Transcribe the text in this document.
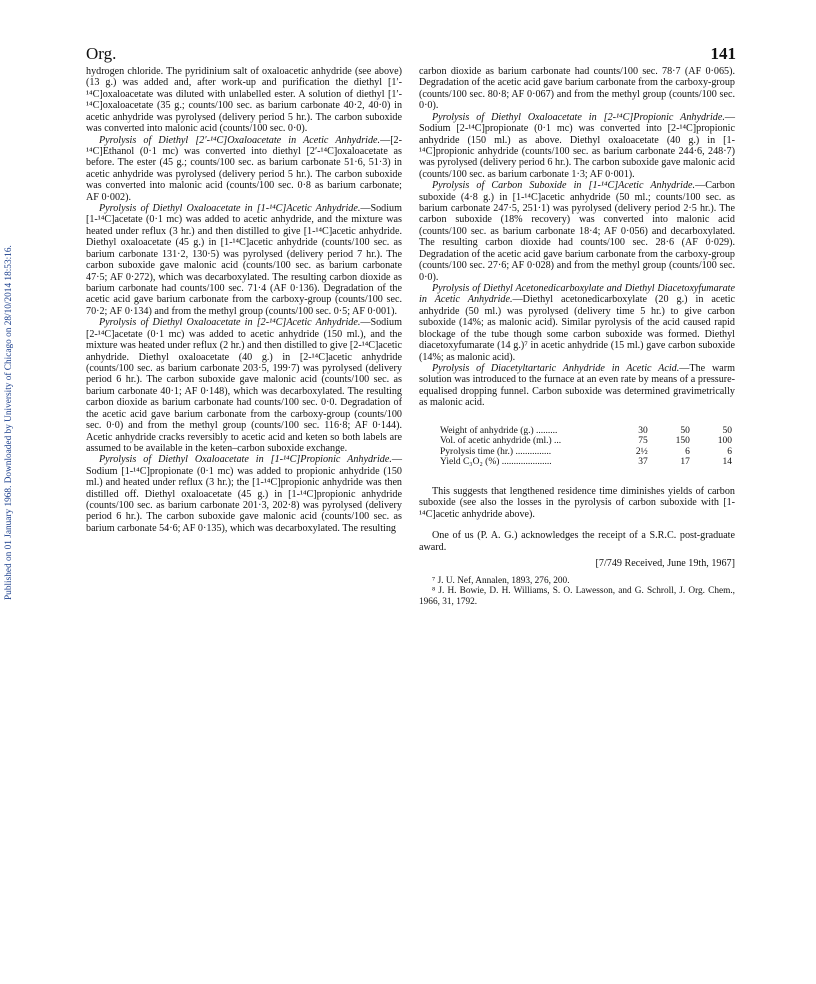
Org.	141
Published on 01 January 1968. Downloaded by University of Chicago on 28/10/2014 18:53:16.

hydrogen chloride. The pyridinium salt of oxaloacetic anhydride (see above) (13 g.) was added and, after work-up and purification the diethyl [1′-¹⁴C]oxaloacetate was diluted with unlabelled ester. A solution of diethyl [1′-¹⁴C]oxaloacetate (35 g.; counts/100 sec. as barium carbonate 40·2, 40·0) in acetic anhydride was pyrolysed (delivery period 5 hr.). The carbon suboxide was converted into malonic acid (counts/100 sec. 0·0).

Pyrolysis of Diethyl [2′-¹⁴C]Oxaloacetate in Acetic Anhydride.—[2-¹⁴C]Ethanol (0·1 mc) was converted into diethyl [2′-¹⁴C]oxaloacetate as before. The ester (45 g.; counts/100 sec. as barium carbonate 51·6, 51·3) in acetic anhydride was pyrolysed (delivery period 5 hr.). The carbon suboxide was converted into malonic acid (counts/100 sec. 0·8 as barium carbonate; AF 0·002).

Pyrolysis of Diethyl Oxaloacetate in [1-¹⁴C]Acetic Anhydride.—Sodium [1-¹⁴C]acetate (0·1 mc) was added to acetic anhydride, and the mixture was heated under reflux (3 hr.) and then distilled to give [1-¹⁴C]acetic anhydride. Diethyl oxaloacetate (45 g.) in [1-¹⁴C]acetic anhydride (counts/100 sec. as barium carbonate 131·2, 130·5) was pyrolysed (delivery period 7 hr.). The carbon suboxide gave malonic acid (counts/100 sec. as barium carbonate 47·5; AF 0·272), which was decarboxylated. The resulting carbon dioxide as barium carbonate had counts/100 sec. 71·4 (AF 0·136). Degradation of the acetic acid gave barium carbonate from the carboxy-group (counts/100 sec. 70·2; AF 0·134) and from the methyl group (counts/100 sec. 0·5; AF 0·001).

Pyrolysis of Diethyl Oxaloacetate in [2-¹⁴C]Acetic Anhydride.—Sodium [2-¹⁴C]acetate (0·1 mc) was added to acetic anhydride (150 ml.), and the mixture was heated under reflux (2 hr.) and then distilled to give [2-¹⁴C]acetic anhydride. Diethyl oxaloacetate (40 g.) in [2-¹⁴C]acetic anhydride (counts/100 sec. as barium carbonate 203·5, 199·7) was pyrolysed (delivery period 6 hr.). The carbon suboxide gave malonic acid (counts/100 sec. as barium carbonate 40·1; AF 0·148), which was decarboxylated. The resulting carbon dioxide as barium carbonate had counts/100 sec. 0·0. Degradation of the acetic acid gave barium carbonate from the carboxy-group (counts/100 sec. 0·0) and from the methyl group (counts/100 sec. 116·8; AF 0·144). Acetic anhydride cracks reversibly to acetic acid and keten so both labels are assumed to be available in the keten–carbon suboxide exchange.

Pyrolysis of Diethyl Oxaloacetate in [1-¹⁴C]Propionic Anhydride.—Sodium [1-¹⁴C]propionate (0·1 mc) was added to propionic anhydride (150 ml.) and heated under reflux (3 hr.); the [1-¹⁴C]propionic anhydride was then distilled off. Diethyl oxaloacetate (45 g.) in [1-¹⁴C]propionic anhydride (counts/100 sec. as barium carbonate 201·3, 202·8) was pyrolysed (delivery period 6 hr.). The carbon suboxide gave malonic acid (counts/100 sec. as barium carbonate 54·6; AF 0·135), which was decarboxylated. The resulting

carbon dioxide as barium carbonate had counts/100 sec. 78·7 (AF 0·065). Degradation of the acetic acid gave barium carbonate from the carboxy-group (counts/100 sec. 80·8; AF 0·067) and from the methyl group (counts/100 sec. 0·0).

Pyrolysis of Diethyl Oxaloacetate in [2-¹⁴C]Propionic Anhydride.—Sodium [2-¹⁴C]propionate (0·1 mc) was converted into [2-¹⁴C]propionic anhydride (150 ml.) as above. Diethyl oxaloacetate (40 g.) in [1-¹⁴C]propionic anhydride (counts/100 sec. as barium carbonate 244·6, 248·7) was pyrolysed (delivery period 6 hr.). The carbon suboxide gave malonic acid (counts/100 sec. as barium carbonate 1·3; AF 0·001).

Pyrolysis of Carbon Suboxide in [1-¹⁴C]Acetic Anhydride.—Carbon suboxide (4·8 g.) in [1-¹⁴C]acetic anhydride (50 ml.; counts/100 sec. as barium carbonate 247·5, 251·1) was pyrolysed (delivery period 2·5 hr.). The carbon suboxide (18% recovery) was converted into malonic acid (counts/100 sec. as barium carbonate 18·4; AF 0·056) and decarboxylated. The resulting carbon dioxide had counts/100 sec. 28·6 (AF 0·029). Degradation of the acetic acid gave barium carbonate from the carboxy-group (counts/100 sec. 27·6; AF 0·028) and from the methyl group (counts/100 sec. 0·0).

Pyrolysis of Diethyl Acetonedicarboxylate and Diethyl Diacetoxyfumarate in Acetic Anhydride.—Diethyl acetonedicarboxylate (20 g.) in acetic anhydride (50 ml.) was pyrolysed (delivery time 5 hr.) to give carbon suboxide (14%; as malonic acid). Similar pyrolysis of the acid caused rapid blockage of the tube though some carbon suboxide was formed. Diethyl diacetoxyfumarate (14 g.)⁷ in acetic anhydride (15 ml.) gave carbon suboxide (14%; as malonic acid).

Pyrolysis of Diacetyltartaric Anhydride in Acetic Acid.—The warm solution was introduced to the furnace at an even rate by means of a pressure-equalised dropping funnel. Carbon suboxide was determined gravimetrically as malonic acid.

Weight of anhydride (g.) .........	30	50	50
Vol. of acetic anhydride (ml.) ...	75	150	100
Pyrolysis time (hr.) ...............	2½	6	6
Yield C₃O₂ (%) .....................	37	17	14

This suggests that lengthened residence time diminishes yields of carbon suboxide (see also the losses in the pyrolysis of carbon suboxide with [1-¹⁴C]acetic anhydride above).

One of us (P. A. G.) acknowledges the receipt of a S.R.C. post-graduate award.

[7/749 Received, June 19th, 1967]

⁷ J. U. Nef, Annalen, 1893, 276, 200.

⁸ J. H. Bowie, D. H. Williams, S. O. Lawesson, and G. Schroll, J. Org. Chem., 1966, 31, 1792.
